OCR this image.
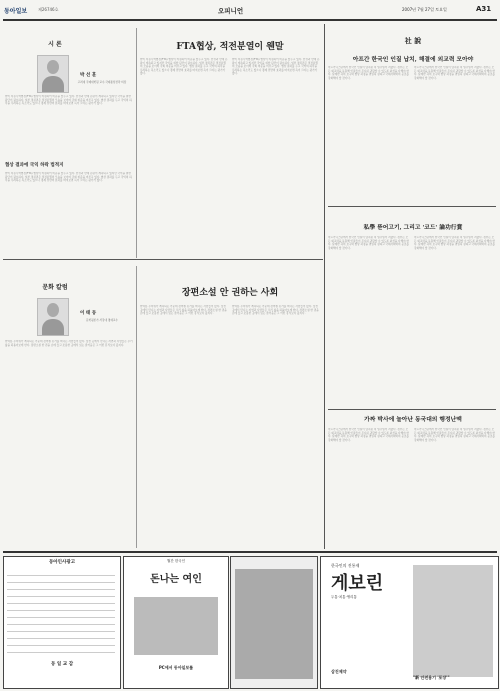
동아일보	제26746호	오피니언	2007년 7월 27일 토요일	A31
시 론
박 선 훈
고려대 국제대학원 교수·국제통상전략 의장
한미 자유무역협정(FTA) 협상이 타결되어 비준을 앞두고 있다. 찬성과 반대 논란이 계속되고 있지만 국익을 위한 판단이 필요하다. 일부 정치권은 적전분열의 모습을 보이며 국회 비준을 미루고 있다. 협상 결과를 두고 국익의 하락을 우려하는 목소리도 있으나 경제 전반의 효과를 따져보면 득이 크다는 평가가 많다.
협상 결과에 국익 하락 법적지
한미 자유무역협정(FTA) 협상이 타결되어 비준을 앞두고 있다. 찬성과 반대 논란이 계속되고 있지만 국익을 위한 판단이 필요하다. 일부 정치권은 적전분열의 모습을 보이며 국회 비준을 미루고 있다. 협상 결과를 두고 국익의 하락을 우려하는 목소리도 있으나 경제 전반의 효과를 따져보면 득이 크다는 평가가 많다.
FTA협상, 적전분열이 웬말
한미 자유무역협정(FTA) 협상이 타결되어 비준을 앞두고 있다. 찬성과 반대 논란이 계속되고 있지만 국익을 위한 판단이 필요하다. 일부 정치권은 적전분열의 모습을 보이며 국회 비준을 미루고 있다. 협상 결과를 두고 국익의 하락을 우려하는 목소리도 있으나 경제 전반의 효과를 따져보면 득이 크다는 평가가 많다.
한미 자유무역협정(FTA) 협상이 타결되어 비준을 앞두고 있다. 찬성과 반대 논란이 계속되고 있지만 국익을 위한 판단이 필요하다. 일부 정치권은 적전분열의 모습을 보이며 국회 비준을 미루고 있다. 협상 결과를 두고 국익의 하락을 우려하는 목소리도 있으나 경제 전반의 효과를 따져보면 득이 크다는 평가가 많다.
문화 칼럼
이 태 동
문학평론가·서강대 명예교수
한여름 무더위가 계속되는 가운데 장마철 휴가를 떠나는 사람들이 많다. 낯선 곳에서 만나는 자연과 사람들은 우리 삶을 되돌아보게 한다. 장편소설 한 권을 손에 들고 조용한 곳에서 읽는 즐거움은 그 어떤 휴식보다 값지다.
장편소설 안 권하는 사회
한여름 무더위가 계속되는 가운데 장마철 휴가를 떠나는 사람들이 많다. 낯선 곳에서 만나는 자연과 사람들은 우리 삶을 되돌아보게 한다. 장편소설 한 권을 손에 들고 조용한 곳에서 읽는 즐거움은 그 어떤 휴식보다 값지다.
한여름 무더위가 계속되는 가운데 장마철 휴가를 떠나는 사람들이 많다. 낯선 곳에서 만나는 자연과 사람들은 우리 삶을 되돌아보게 한다. 장편소설 한 권을 손에 들고 조용한 곳에서 읽는 즐거움은 그 어떤 휴식보다 값지다.
社 說
아프간 한국인 인질 납치, 해결에 외교력 모아야
아프가니스탄에서 한국인 인질이 납치된 지 일주일이 지났다. 정부는 모든 외교력을 동원해 인질들이 무사히 귀환할 수 있도록 최선을 다해야 한다. 탈레반 측의 요구와 협상 과정을 면밀히 살피고 국제사회와의 공조를 강화해야 할 것이다.
아프가니스탄에서 한국인 인질이 납치된 지 일주일이 지났다. 정부는 모든 외교력을 동원해 인질들이 무사히 귀환할 수 있도록 최선을 다해야 한다. 탈레반 측의 요구와 협상 과정을 면밀히 살피고 국제사회와의 공조를 강화해야 할 것이다.
私學 뜯어고기, 그리고 '코드' 論功行賞
아프가니스탄에서 한국인 인질이 납치된 지 일주일이 지났다. 정부는 모든 외교력을 동원해 인질들이 무사히 귀환할 수 있도록 최선을 다해야 한다. 탈레반 측의 요구와 협상 과정을 면밀히 살피고 국제사회와의 공조를 강화해야 할 것이다.
아프가니스탄에서 한국인 인질이 납치된 지 일주일이 지났다. 정부는 모든 외교력을 동원해 인질들이 무사히 귀환할 수 있도록 최선을 다해야 한다. 탈레반 측의 요구와 협상 과정을 면밀히 살피고 국제사회와의 공조를 강화해야 할 것이다.
가짜 박사에 놀아난 동국대의 행정난맥
아프가니스탄에서 한국인 인질이 납치된 지 일주일이 지났다. 정부는 모든 외교력을 동원해 인질들이 무사히 귀환할 수 있도록 최선을 다해야 한다. 탈레반 측의 요구와 협상 과정을 면밀히 살피고 국제사회와의 공조를 강화해야 할 것이다.
아프가니스탄에서 한국인 인질이 납치된 지 일주일이 지났다. 정부는 모든 외교력을 동원해 인질들이 무사히 귀환할 수 있도록 최선을 다해야 한다. 탈레반 측의 요구와 협상 과정을 면밀히 살피고 국제사회와의 공조를 강화해야 할 것이다.
동아인사광고
동 일 교 감
월간 한국인
돈나는 여인
PC에서 동아일보를
한국인의 진통제
게보린
두통·치통·생리통
삼진제약
"新 안전용기 '포장'"
